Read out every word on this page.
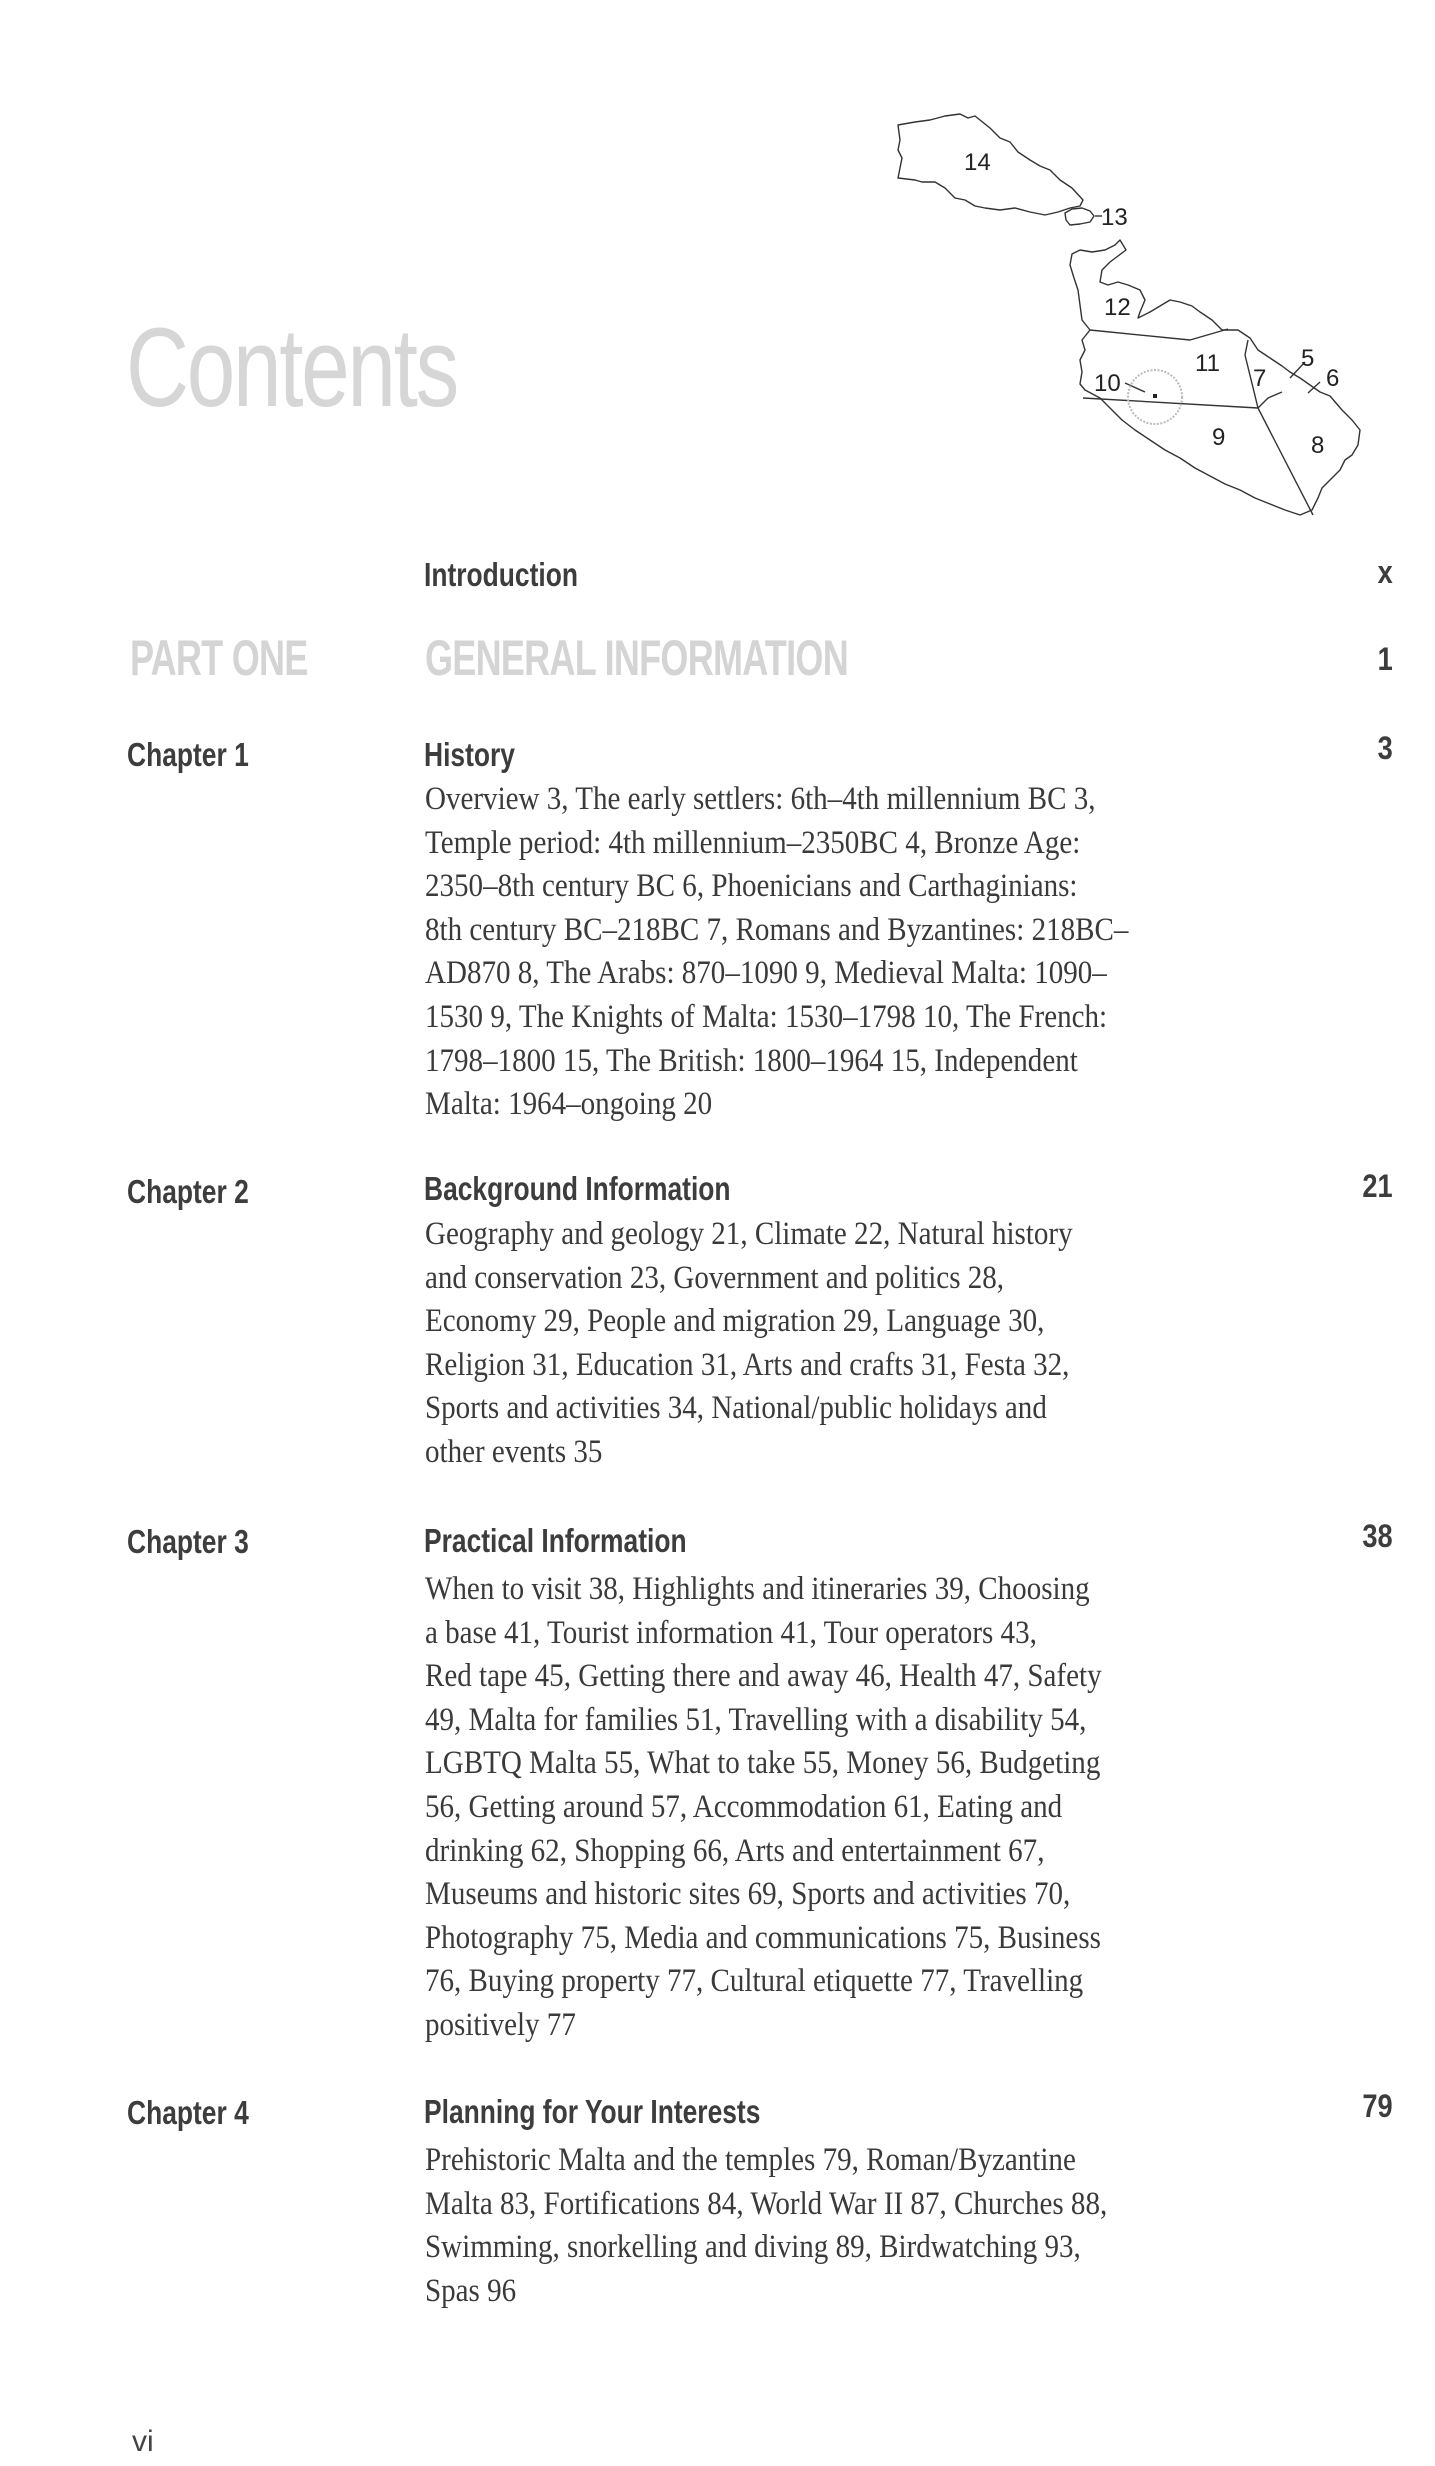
14
13
12
11
10
9	8
7
5
6
Contents
Introduction	x
PART ONE GENERAL INFORMATION	1
Chapter 1	History	3
Overview 3, The early settlers: 6th–4th millennium BC 3,
Temple period: 4th millennium–2350BC 4, Bronze Age:
2350–8th century BC 6, Phoenicians and Carthaginians:
8th century BC–218BC 7, Romans and Byzantines: 218BC–
AD870 8, The Arabs: 870–1090 9, Medieval Malta: 1090–
1530 9, The Knights of Malta: 1530–1798 10, The French:
1798–1800 15, The British: 1800–1964 15, Independent
Malta: 1964–ongoing 20
Chapter 2	Background Information	21
Geography and geology 21, Climate 22, Natural history
and conservation 23, Government and politics 28,
Economy 29, People and migration 29, Language 30,
Religion 31, Education 31, Arts and crafts 31, Festa 32,
Sports and activities 34, National/public holidays and
other events 35
Chapter 3	Practical Information	38
When to visit 38, Highlights and itineraries 39, Choosing
a base 41, Tourist information 41, Tour operators 43,
Red tape 45, Getting there and away 46, Health 47, Safety
49, Malta for families 51, Travelling with a disability 54,
LGBTQ Malta 55, What to take 55, Money 56, Budgeting
56, Getting around 57, Accommodation 61, Eating and
drinking 62, Shopping 66, Arts and entertainment 67,
Museums and historic sites 69, Sports and activities 70,
Photography 75, Media and communications 75, Business
76, Buying property 77, Cultural etiquette 77, Travelling
positively 77
Chapter 4	Planning for Your Interests	79
Prehistoric Malta and the temples 79, Roman/Byzantine
Malta 83, Fortifications 84, World War II 87, Churches 88,
Swimming, snorkelling and diving 89, Birdwatching 93,
Spas 96
vi
